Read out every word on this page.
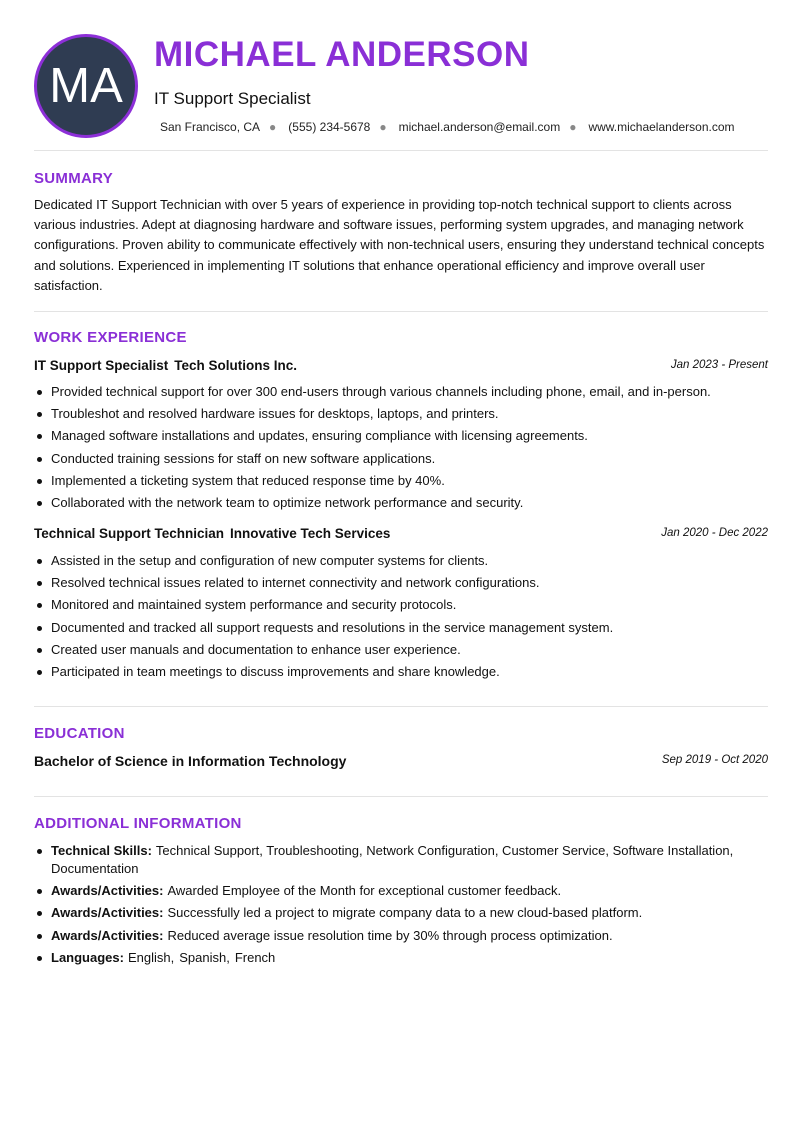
MA
MICHAEL ANDERSON
IT Support Specialist
San Francisco, CA ● (555) 234-5678 ● michael.anderson@email.com ● www.michaelanderson.com
SUMMARY
Dedicated IT Support Technician with over 5 years of experience in providing top-notch technical support to clients across various industries. Adept at diagnosing hardware and software issues, performing system upgrades, and managing network configurations. Proven ability to communicate effectively with non-technical users, ensuring they understand technical concepts and solutions. Experienced in implementing IT solutions that enhance operational efficiency and improve overall user satisfaction.
WORK EXPERIENCE
IT Support Specialist Tech Solutions Inc.	Jan 2023 - Present
Provided technical support for over 300 end-users through various channels including phone, email, and in-person.
Troubleshot and resolved hardware issues for desktops, laptops, and printers.
Managed software installations and updates, ensuring compliance with licensing agreements.
Conducted training sessions for staff on new software applications.
Implemented a ticketing system that reduced response time by 40%.
Collaborated with the network team to optimize network performance and security.
Technical Support Technician Innovative Tech Services	Jan 2020 - Dec 2022
Assisted in the setup and configuration of new computer systems for clients.
Resolved technical issues related to internet connectivity and network configurations.
Monitored and maintained system performance and security protocols.
Documented and tracked all support requests and resolutions in the service management system.
Created user manuals and documentation to enhance user experience.
Participated in team meetings to discuss improvements and share knowledge.
EDUCATION
Bachelor of Science in Information Technology	Sep 2019 - Oct 2020
ADDITIONAL INFORMATION
Technical Skills: Technical Support, Troubleshooting, Network Configuration, Customer Service, Software Installation, Documentation
Awards/Activities: Awarded Employee of the Month for exceptional customer feedback.
Awards/Activities: Successfully led a project to migrate company data to a new cloud-based platform.
Awards/Activities: Reduced average issue resolution time by 30% through process optimization.
Languages: English, Spanish, French
